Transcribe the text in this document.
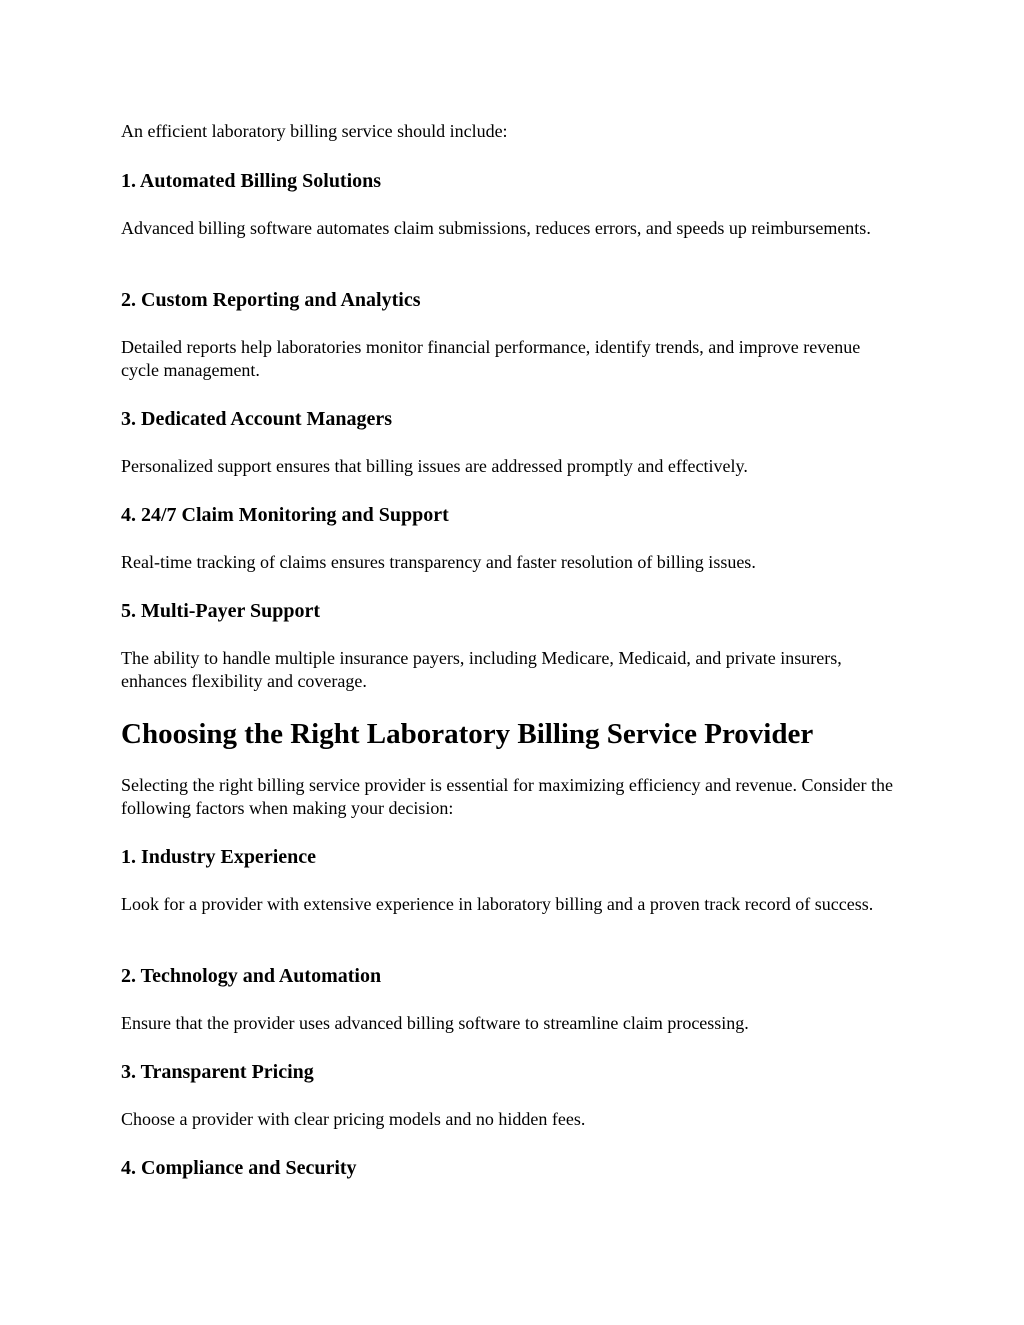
An efficient laboratory billing service should include:

1. Automated Billing Solutions

Advanced billing software automates claim submissions, reduces errors, and speeds up reimbursements.

2. Custom Reporting and Analytics

Detailed reports help laboratories monitor financial performance, identify trends, and improve revenue cycle management.

3. Dedicated Account Managers

Personalized support ensures that billing issues are addressed promptly and effectively.

4. 24/7 Claim Monitoring and Support

Real-time tracking of claims ensures transparency and faster resolution of billing issues.

5. Multi-Payer Support

The ability to handle multiple insurance payers, including Medicare, Medicaid, and private insurers, enhances flexibility and coverage.

Choosing the Right Laboratory Billing Service Provider

Selecting the right billing service provider is essential for maximizing efficiency and revenue. Consider the following factors when making your decision:

1. Industry Experience

Look for a provider with extensive experience in laboratory billing and a proven track record of success.

2. Technology and Automation

Ensure that the provider uses advanced billing software to streamline claim processing.

3. Transparent Pricing

Choose a provider with clear pricing models and no hidden fees.

4. Compliance and Security
